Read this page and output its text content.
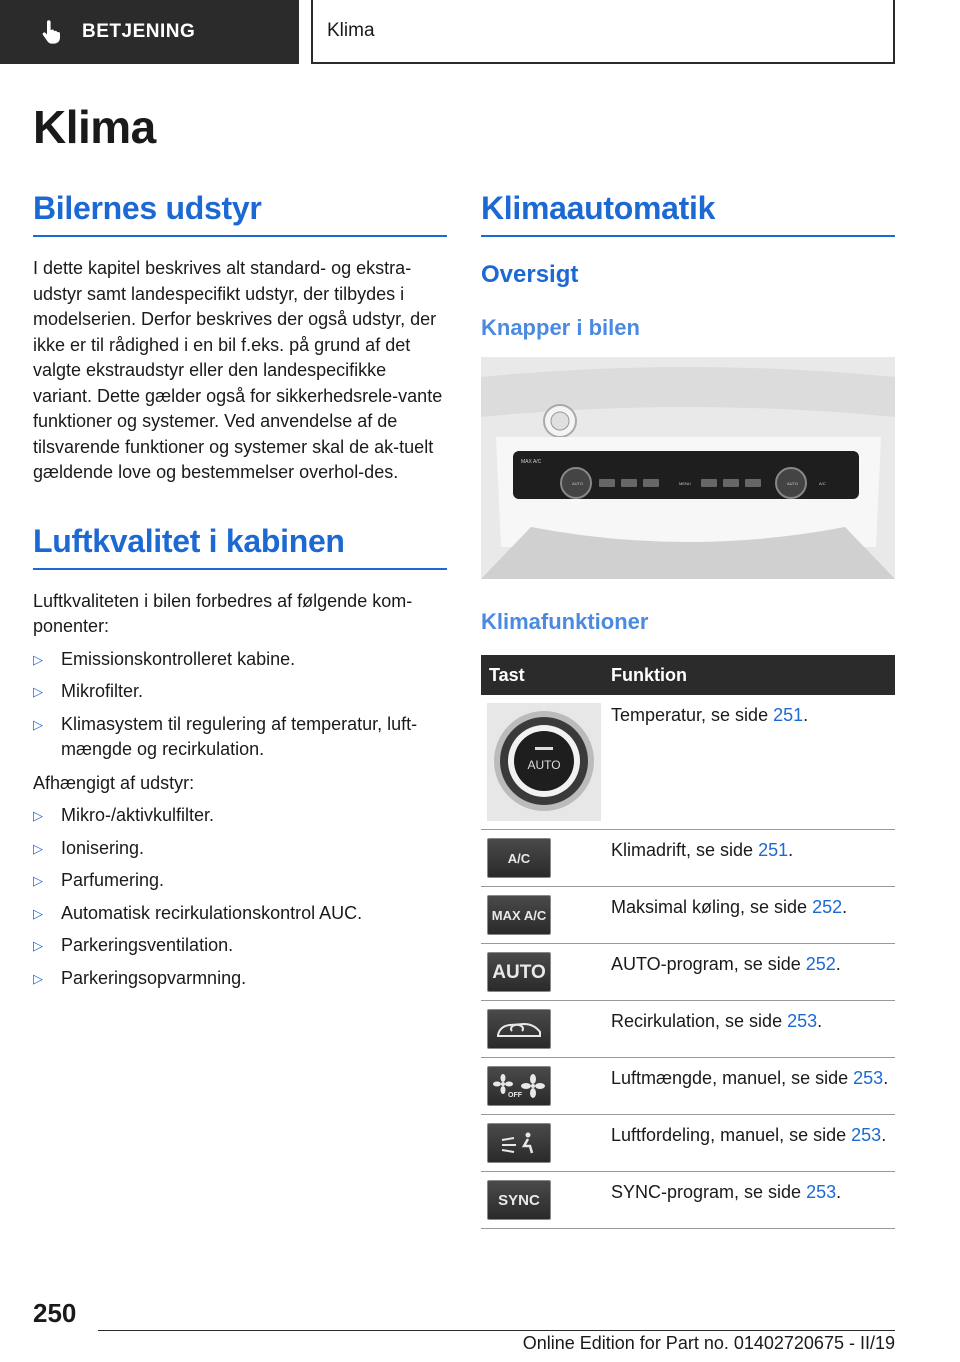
BETJENING	Klima
Klima
Bilernes udstyr

I dette kapitel beskrives alt standard- og ekstra-udstyr samt landespecifikt udstyr, der tilbydes i modelserien. Derfor beskrives der også udstyr, der ikke er til rådighed i en bil f.eks. på grund af det valgte ekstraudstyr eller den landespecifikke variant. Dette gælder også for sikkerhedsrele-vante funktioner og systemer. Ved anvendelse af de tilsvarende funktioner og systemer skal de ak-tuelt gældende love og bestemmelser overhol-des.

Luftkvalitet i kabinen

Luftkvaliteten i bilen forbedres af følgende kom-ponenter:

▷ Emissionskontrolleret kabine.
▷ Mikrofilter.
▷ Klimasystem til regulering af temperatur, luft-mængde og recirkulation.

Afhængigt af udstyr:

▷ Mikro-/aktivkulfilter.
▷ Ionisering.
▷ Parfumering.
▷ Automatisk recirkulationskontrol AUC.
▷ Parkeringsventilation.
▷ Parkeringsopvarmning.
Klimaautomatik
Oversigt
Knapper i bilen
MAX A/C
AUTO	AUTO
MENU	A/C
Klimafunktioner
Tast	Funktion

AUTO	Temperatur, se side 251.

A/C	Klimadrift, se side 251.

MAX A/C	Maksimal køling, se side 252.

AUTO	AUTO-program, se side 252.

	Recirkulation, se side 253.

OFF	Luftmængde, manuel, se side 253.

	Luftfordeling, manuel, se side 253.

SYNC	SYNC-program, se side 253.
250
Online Edition for Part no. 01402720675 - II/19
